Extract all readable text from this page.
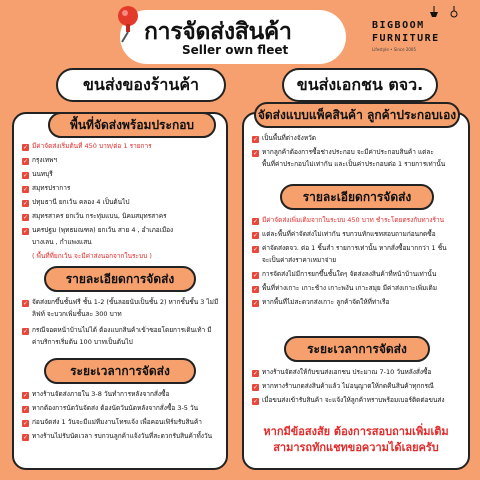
การจัดส่งสินค้า
Seller own fleet
BIGBOOM
FURNITURE
Lifestyle • Since 2005
ขนส่งของร้านค้า	ขนส่งเอกชน ตจว.
พื้นที่จัดส่งพร้อมประกอบ
✓ มีค่าจัดส่งเริ่มต้นที่ 450 บาท/ต่อ 1 รายการ
✓ กรุงเทพฯ
✓ นนทบุรี
✓ สมุทรปราการ
✓ ปทุมธานี ยกเว้น คลอง 4 เป็นต้นไป
✓ สมุทรสาคร ยกเว้น กระทุ่มแบน, นิคมสมุทรสาคร
✓ นครปฐม (พุทธมณฑล) ยกเว้น สาย 4 , อำเภอเมือง
บางเลน , กำแพงแสน
( พื้นที่ที่ยกเว้น จะมีค่าส่งนอกจากในระบบ )
รายละเอียดการจัดส่ง
✓ จัดส่งยกขึ้นชั้นฟรี ชั้น 1-2 (ขั้นลอยนับเป็นชั้น 2) หากชั้นชั้น 3 ไม่มี
ลิฟท์ จะบวกเพิ่มชั้นละ 300 บาท
✓ กรณีจอดหน้าบ้านไม่ได้ ต้องแบกสินค้าเข้าซอยโดยการเดินเท้า มี
ค่าบริการเริ่มต้น 100 บาทเป็นต้นไป
ระยะเวลาการจัดส่ง
✓ ทางร้านจัดส่งภายใน 3-8 วันทำการหลังจากสั่งซื้อ
✓ หากต้องการนัดวันจัดส่ง ต้องนัดวันนัดหลังจากสั่งซื้อ 3-5 วัน
✓ ก่อนจัดส่ง 1 วันจะมีแม่ทีมงานโทรแจ้ง เพื่อคอนเฟิร์มรับสินค้า
✓ ทางร้านไม่รับนัดเวลา รบกวนลูกค้าแจ้งวันที่สะดวกรับสินค้าทั้งวัน
จัดส่งแบบแพ็คสินค้า ลูกค้าประกอบเอง
✓ เป็นพื้นที่ต่างจังหวัด
✓ หากลูกค้าต้องการซื้อช่างประกอบ จะมีค่าประกอบสินค้า แต่ละ
พื้นที่ค่าประกอบไม่เท่ากัน และเป็นค่าประกอบต่อ 1 รายการเท่านั้น
รายละเอียดการจัดส่ง
✓ มีค่าจัดส่งเพิ่มเติมจากในระบบ 450 บาท ชำระโดยตรงกับทางร้าน
✓ แต่ละพื้นที่ค่าจัดส่งไม่เท่ากัน รบกวนทักแชทสอบถามก่อนกดซื้อ
✓ ค่าจัดส่งตจว. ต่อ 1 ชิ้นสำ รายการเท่านั้น หากสั่งซื้อมากกว่า 1 ชิ้น
จะเป็นค่าส่งราคาเหมาจ่าย
✓ การจัดส่งไม่มีการยกขึ้นชั้นใดๆ จัดส่งลงสินค้าที่หน้าบ้านเท่านั้น
✓ พื้นที่ห่างเกาะ เกาะช้าง เกาะพงัน เกาะสมุย มีค่าส่งเกาะเพิ่มเติม
✓ หากพื้นที่ไม่สะดวกส่งเกาะ ลูกค้าจัดให้ที่ท่าเรือ
ระยะเวลาการจัดส่ง
✓ ทางร้านจัดส่งให้กับขนส่งเอกชน ประมาณ 7-10 วันหลังสั่งซื้อ
✓ หากทางร้านกดส่งสินค้าแล้ว ไม่อนุญาตให้กดคืนสินค้าทุกกรณี
✓ เมื่อขนส่งเข้ารับสินค้า จะแจ้งให้ลูกค้าทราบพร้อมเบอร์ติดต่อขนส่ง
หากมีข้อสงสัย ต้องการสอบถามเพิ่มเติม
สามารถทักแชทขอความได้เลยครับ
